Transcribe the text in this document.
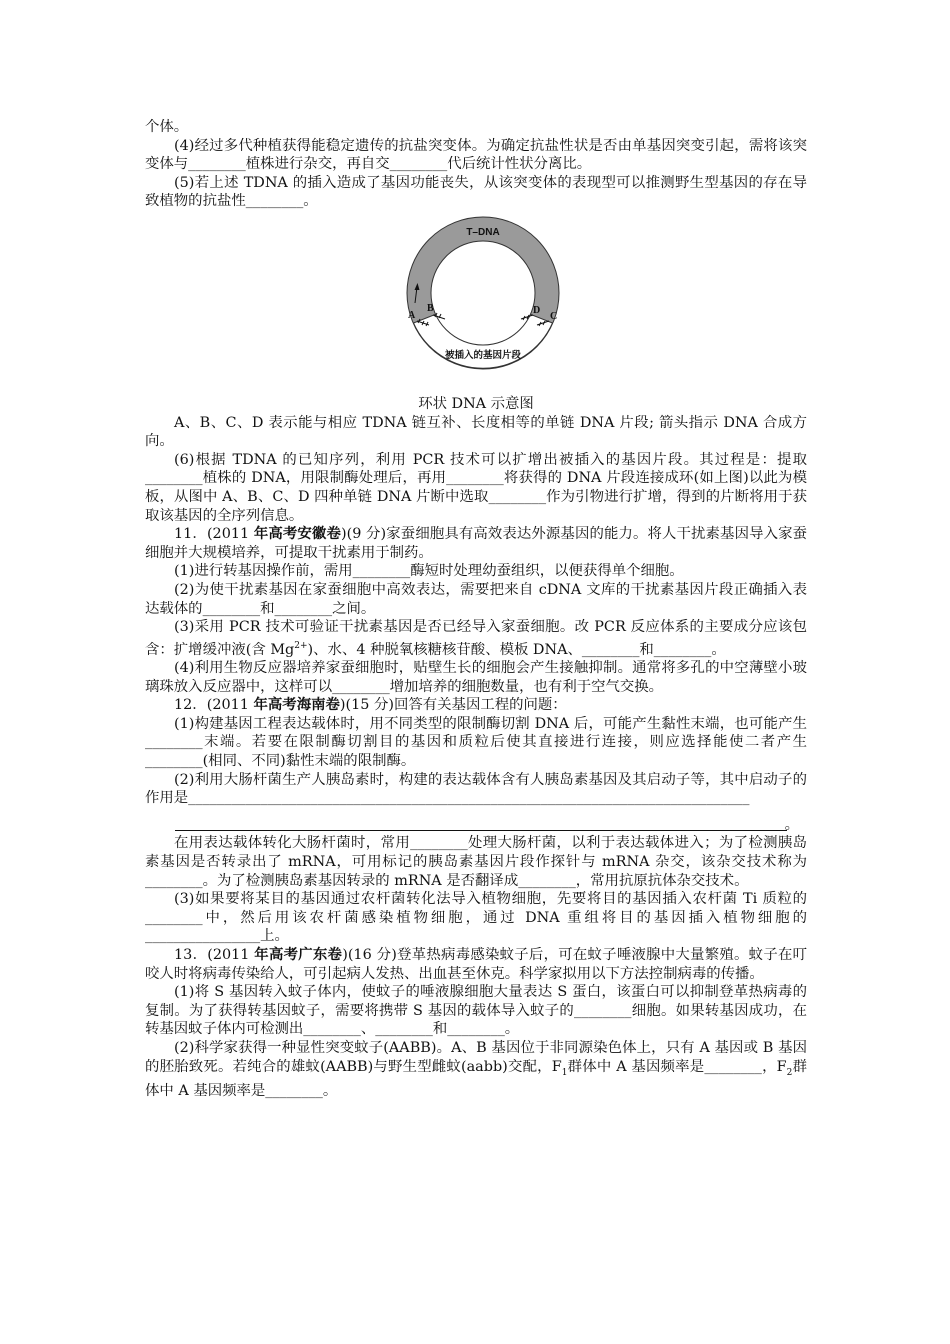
个体。

(4)经过多代种植获得能稳定遗传的抗盐突变体。为确定抗盐性状是否由单基因突变引起，需将该突变体与________植株进行杂交，再自交________代后统计性状分离比。

(5)若上述 TDNA 的插入造成了基因功能丧失，从该突变体的表现型可以推测野生型基因的存在导致植物的抗盐性________。

T–DNA
A
B
C
D
被插入的基因片段

环状 DNA 示意图

A、B、C、D 表示能与相应 TDNA 链互补、长度相等的单链 DNA 片段; 箭头指示 DNA 合成方向。

(6)根据 TDNA 的已知序列，利用 PCR 技术可以扩增出被插入的基因片段。其过程是：提取________植株的 DNA，用限制酶处理后，再用________将获得的 DNA 片段连接成环(如上图)以此为模板，从图中 A、B、C、D 四种单链 DNA 片断中选取________作为引物进行扩增，得到的片断将用于获取该基因的全序列信息。

11．(2011 年高考安徽卷)(9 分)家蚕细胞具有高效表达外源基因的能力。将人干扰素基因导入家蚕细胞并大规模培养，可提取干扰素用于制药。

(1)进行转基因操作前，需用________酶短时处理幼蚕组织，以便获得单个细胞。

(2)为使干扰素基因在家蚕细胞中高效表达，需要把来自 cDNA 文库的干扰素基因片段正确插入表达载体的________和________之间。

(3)采用 PCR 技术可验证干扰素基因是否已经导入家蚕细胞。改 PCR 反应体系的主要成分应该包含：扩增缓冲液(含 $Mg^{2+}$)、水、4 种脱氧核糖核苷酸、模板 DNA、________和________。

(4)利用生物反应器培养家蚕细胞时，贴壁生长的细胞会产生接触抑制。通常将多孔的中空薄壁小玻璃珠放入反应器中，这样可以________增加培养的细胞数量，也有利于空气交换。

12．(2011 年高考海南卷)(15 分)回答有关基因工程的问题：

(1)构建基因工程表达载体时，用不同类型的限制酶切割 DNA 后，可能产生黏性末端，也可能产生________末端。若要在限制酶切割目的基因和质粒后使其直接进行连接，则应选择能使二者产生________(相同、不同)黏性末端的限制酶。

(2)利用大肠杆菌生产人胰岛素时，构建的表达载体含有人胰岛素基因及其启动子等，其中启动子的作用是______________________________________________________________________________

。

在用表达载体转化大肠杆菌时，常用________处理大肠杆菌，以利于表达载体进入；为了检测胰岛素基因是否转录出了 mRNA，可用标记的胰岛素基因片段作探针与 mRNA 杂交，该杂交技术称为________。为了检测胰岛素基因转录的 mRNA 是否翻译成________，常用抗原抗体杂交技术。

(3)如果要将某目的基因通过农杆菌转化法导入植物细胞，先要将目的基因插入农杆菌 Ti 质粒的________中，然后用该农杆菌感染植物细胞，通过 DNA 重组将目的基因插入植物细胞的________________上。

13．(2011 年高考广东卷)(16 分)登革热病毒感染蚊子后，可在蚊子唾液腺中大量繁殖。蚊子在叮咬人时将病毒传染给人，可引起病人发热、出血甚至休克。科学家拟用以下方法控制病毒的传播。

(1)将 S 基因转入蚊子体内，使蚊子的唾液腺细胞大量表达 S 蛋白，该蛋白可以抑制登革热病毒的复制。为了获得转基因蚊子，需要将携带 S 基因的载体导入蚊子的________细胞。如果转基因成功，在转基因蚊子体内可检测出________、________和________。

(2)科学家获得一种显性突变蚊子(AABB)。A、B 基因位于非同源染色体上，只有 A 基因或 B 基因的胚胎致死。若纯合的雄蚊(AABB)与野生型雌蚊(aabb)交配，$F_1$群体中 A 基因频率是________，$F_2$群体中 A 基因频率是________。
